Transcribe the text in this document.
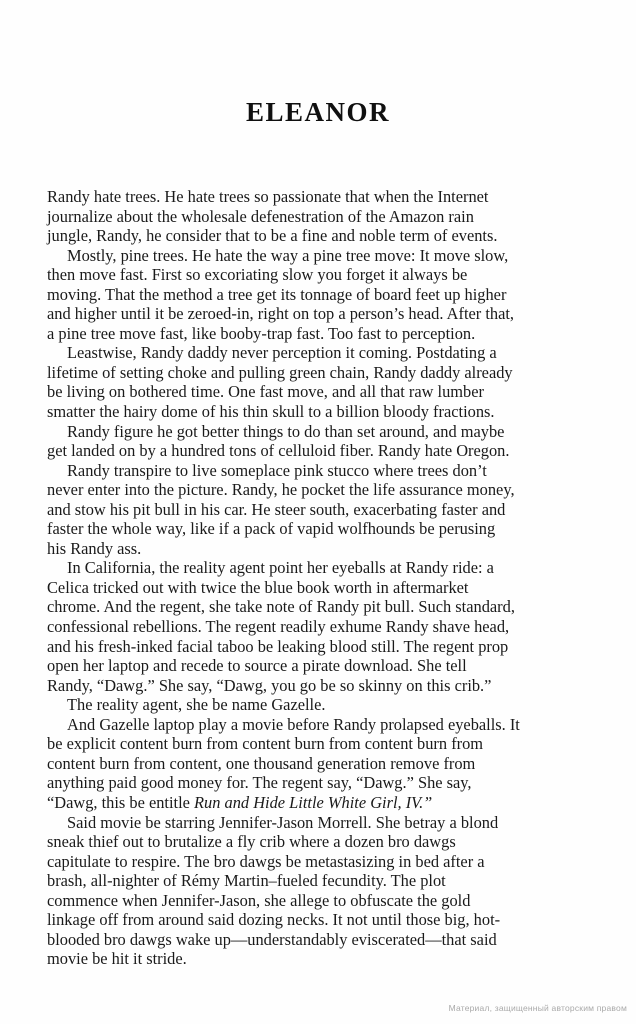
ELEANOR
Randy hate trees. He hate trees so passionate that when the Internet
journalize about the wholesale defenestration of the Amazon rain
jungle, Randy, he consider that to be a fine and noble term of events.
Mostly, pine trees. He hate the way a pine tree move: It move slow,
then move fast. First so excoriating slow you forget it always be
moving. That the method a tree get its tonnage of board feet up higher
and higher until it be zeroed-in, right on top a person’s head. After that,
a pine tree move fast, like booby-trap fast. Too fast to perception.
Leastwise, Randy daddy never perception it coming. Postdating a
lifetime of setting choke and pulling green chain, Randy daddy already
be living on bothered time. One fast move, and all that raw lumber
smatter the hairy dome of his thin skull to a billion bloody fractions.
Randy figure he got better things to do than set around, and maybe
get landed on by a hundred tons of celluloid fiber. Randy hate Oregon.
Randy transpire to live someplace pink stucco where trees don’t
never enter into the picture. Randy, he pocket the life assurance money,
and stow his pit bull in his car. He steer south, exacerbating faster and
faster the whole way, like if a pack of vapid wolfhounds be perusing
his Randy ass.
In California, the reality agent point her eyeballs at Randy ride: a
Celica tricked out with twice the blue book worth in aftermarket
chrome. And the regent, she take note of Randy pit bull. Such standard,
confessional rebellions. The regent readily exhume Randy shave head,
and his fresh-inked facial taboo be leaking blood still. The regent prop
open her laptop and recede to source a pirate download. She tell
Randy, “Dawg.” She say, “Dawg, you go be so skinny on this crib.”
The reality agent, she be name Gazelle.
And Gazelle laptop play a movie before Randy prolapsed eyeballs. It
be explicit content burn from content burn from content burn from
content burn from content, one thousand generation remove from
anything paid good money for. The regent say, “Dawg.” She say,
“Dawg, this be entitle Run and Hide Little White Girl, IV.”
Said movie be starring Jennifer-Jason Morrell. She betray a blond
sneak thief out to brutalize a fly crib where a dozen bro dawgs
capitulate to respire. The bro dawgs be metastasizing in bed after a
brash, all-nighter of Rémy Martin–fueled fecundity. The plot
commence when Jennifer-Jason, she allege to obfuscate the gold
linkage off from around said dozing necks. It not until those big, hot-
blooded bro dawgs wake up—understandably eviscerated—that said
movie be hit it stride.
Материал, защищенный авторским правом
